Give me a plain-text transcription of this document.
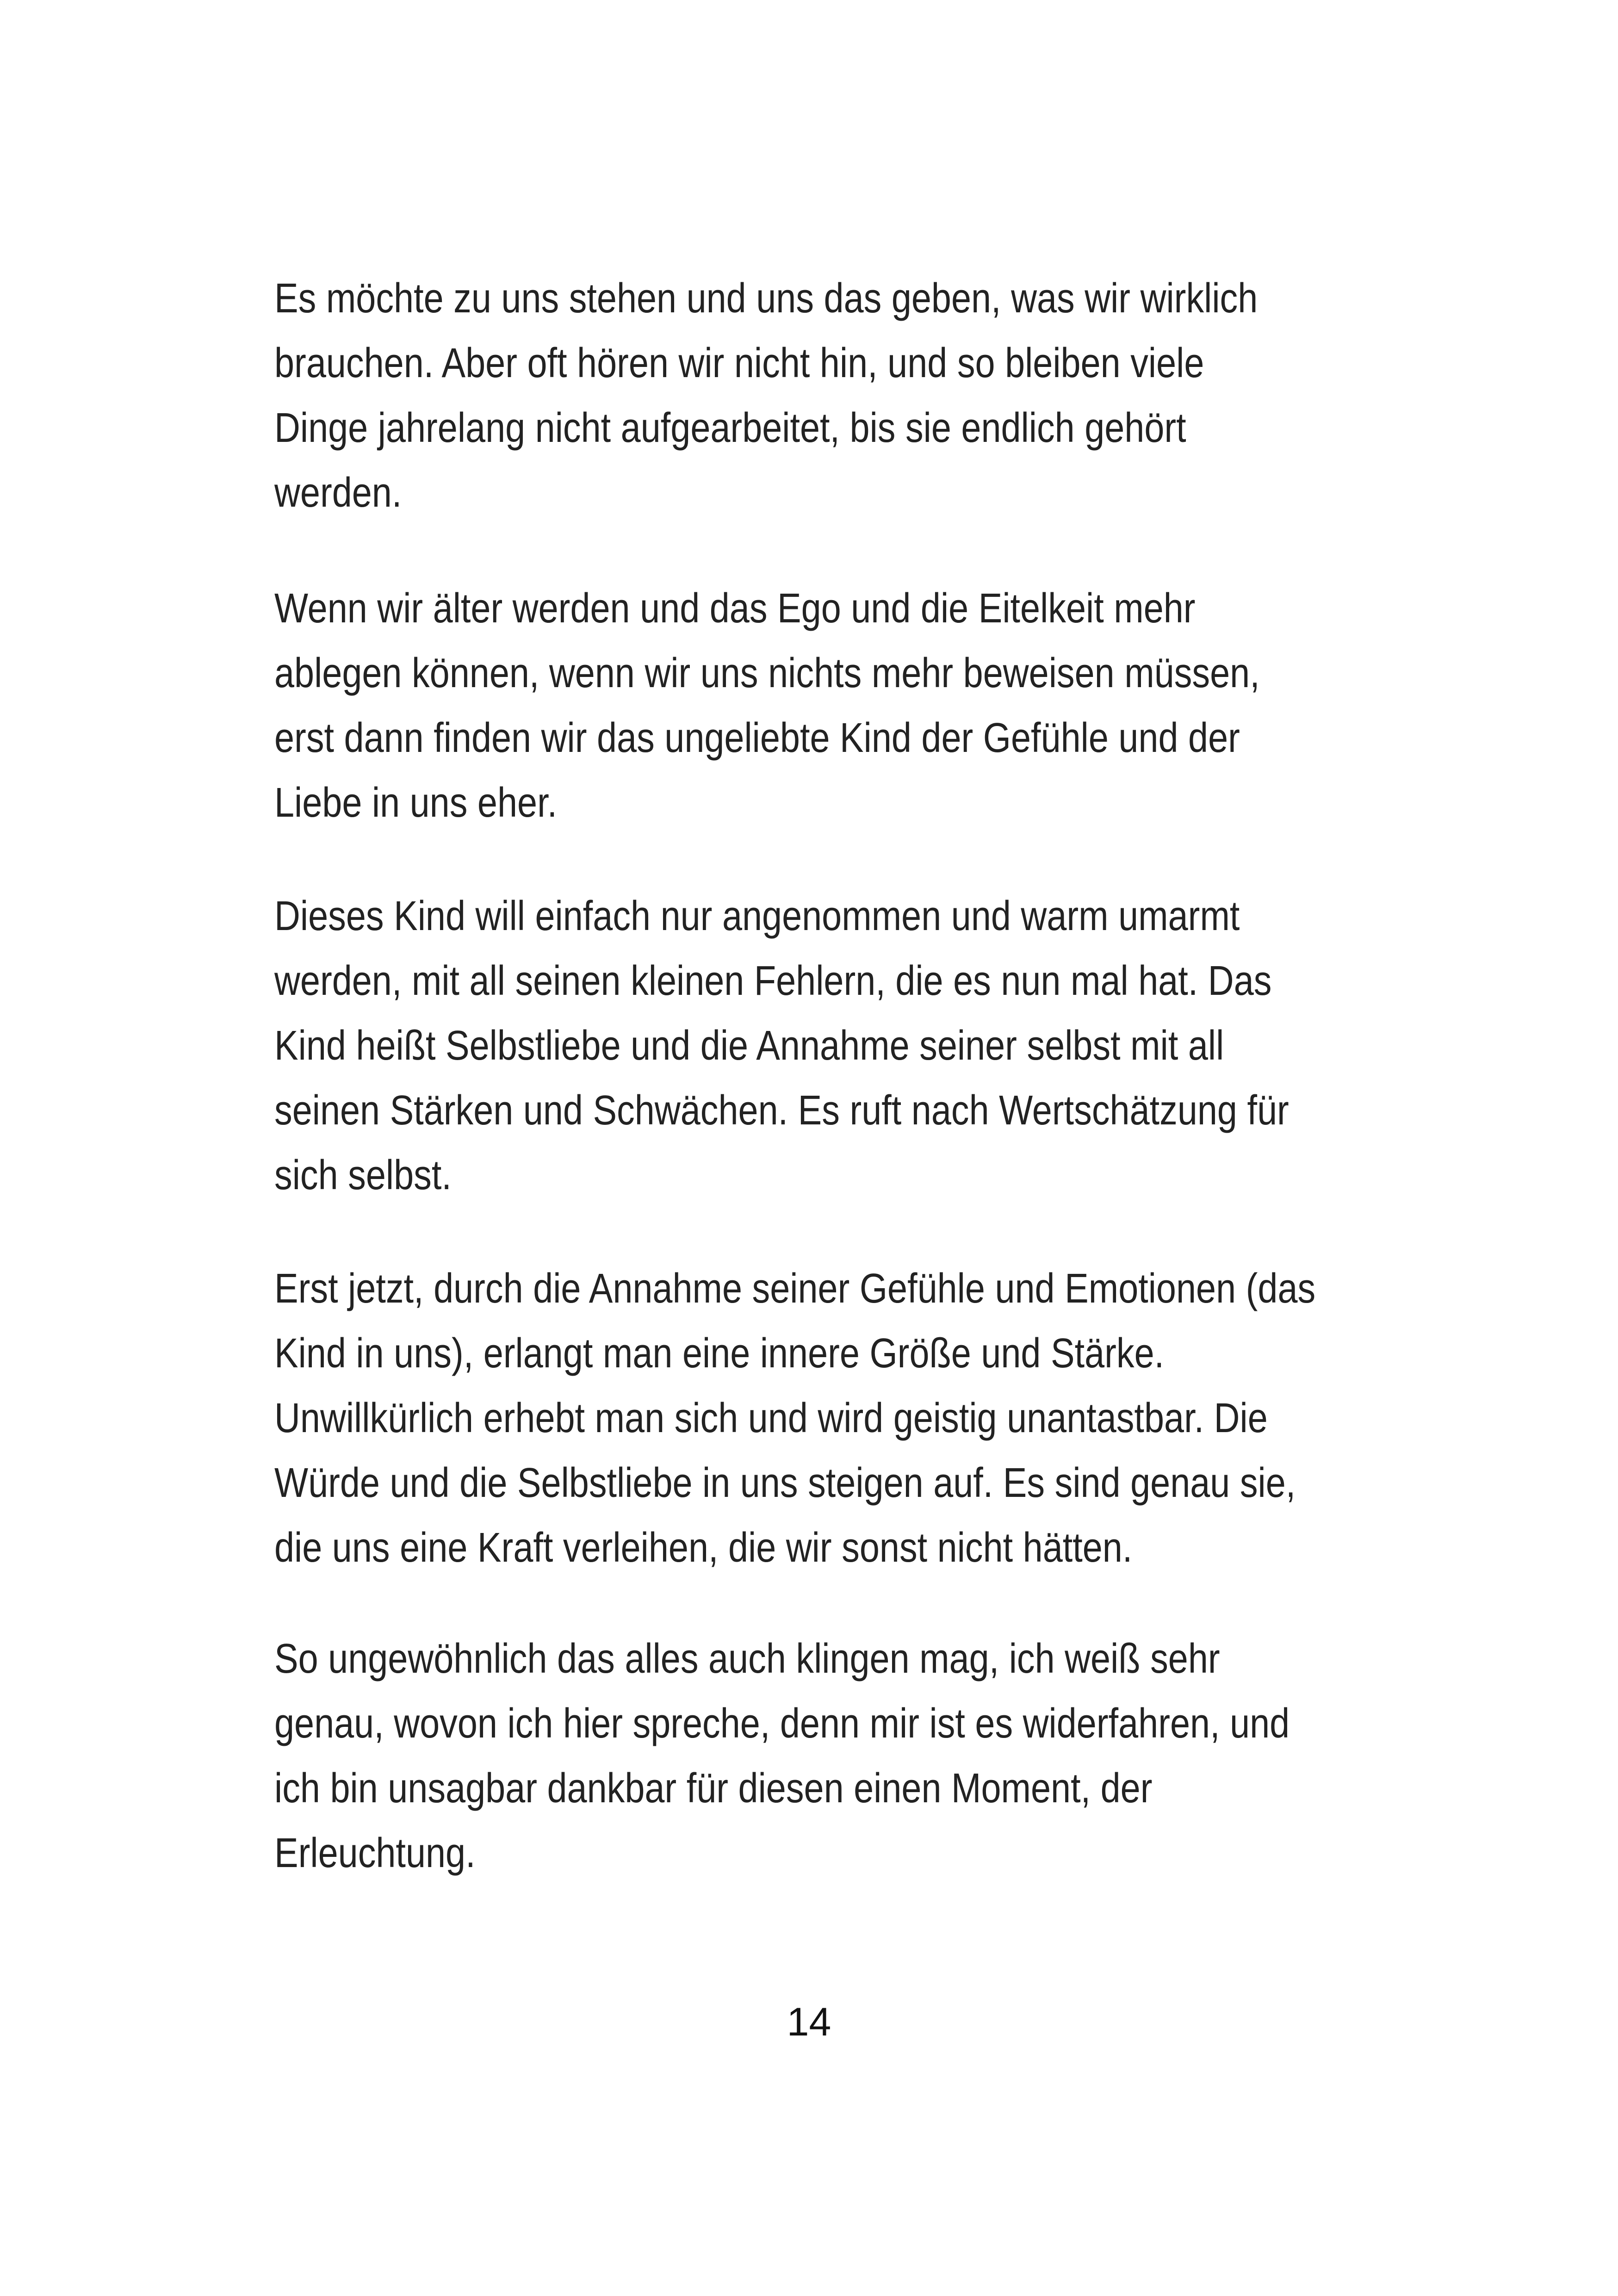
Es möchte zu uns stehen und uns das geben, was wir wirklich
brauchen. Aber oft hören wir nicht hin, und so bleiben viele
Dinge jahrelang nicht aufgearbeitet, bis sie endlich gehört
werden.
Wenn wir älter werden und das Ego und die Eitelkeit mehr
ablegen können, wenn wir uns nichts mehr beweisen müssen,
erst dann finden wir das ungeliebte Kind der Gefühle und der
Liebe in uns eher.
Dieses Kind will einfach nur angenommen und warm umarmt
werden, mit all seinen kleinen Fehlern, die es nun mal hat. Das
Kind heißt Selbstliebe und die Annahme seiner selbst mit all
seinen Stärken und Schwächen. Es ruft nach Wertschätzung für
sich selbst.
Erst jetzt, durch die Annahme seiner Gefühle und Emotionen (das
Kind in uns), erlangt man eine innere Größe und Stärke.
Unwillkürlich erhebt man sich und wird geistig unantastbar. Die
Würde und die Selbstliebe in uns steigen auf. Es sind genau sie,
die uns eine Kraft verleihen, die wir sonst nicht hätten.
So ungewöhnlich das alles auch klingen mag, ich weiß sehr
genau, wovon ich hier spreche, denn mir ist es widerfahren, und
ich bin unsagbar dankbar für diesen einen Moment, der
Erleuchtung.
14
